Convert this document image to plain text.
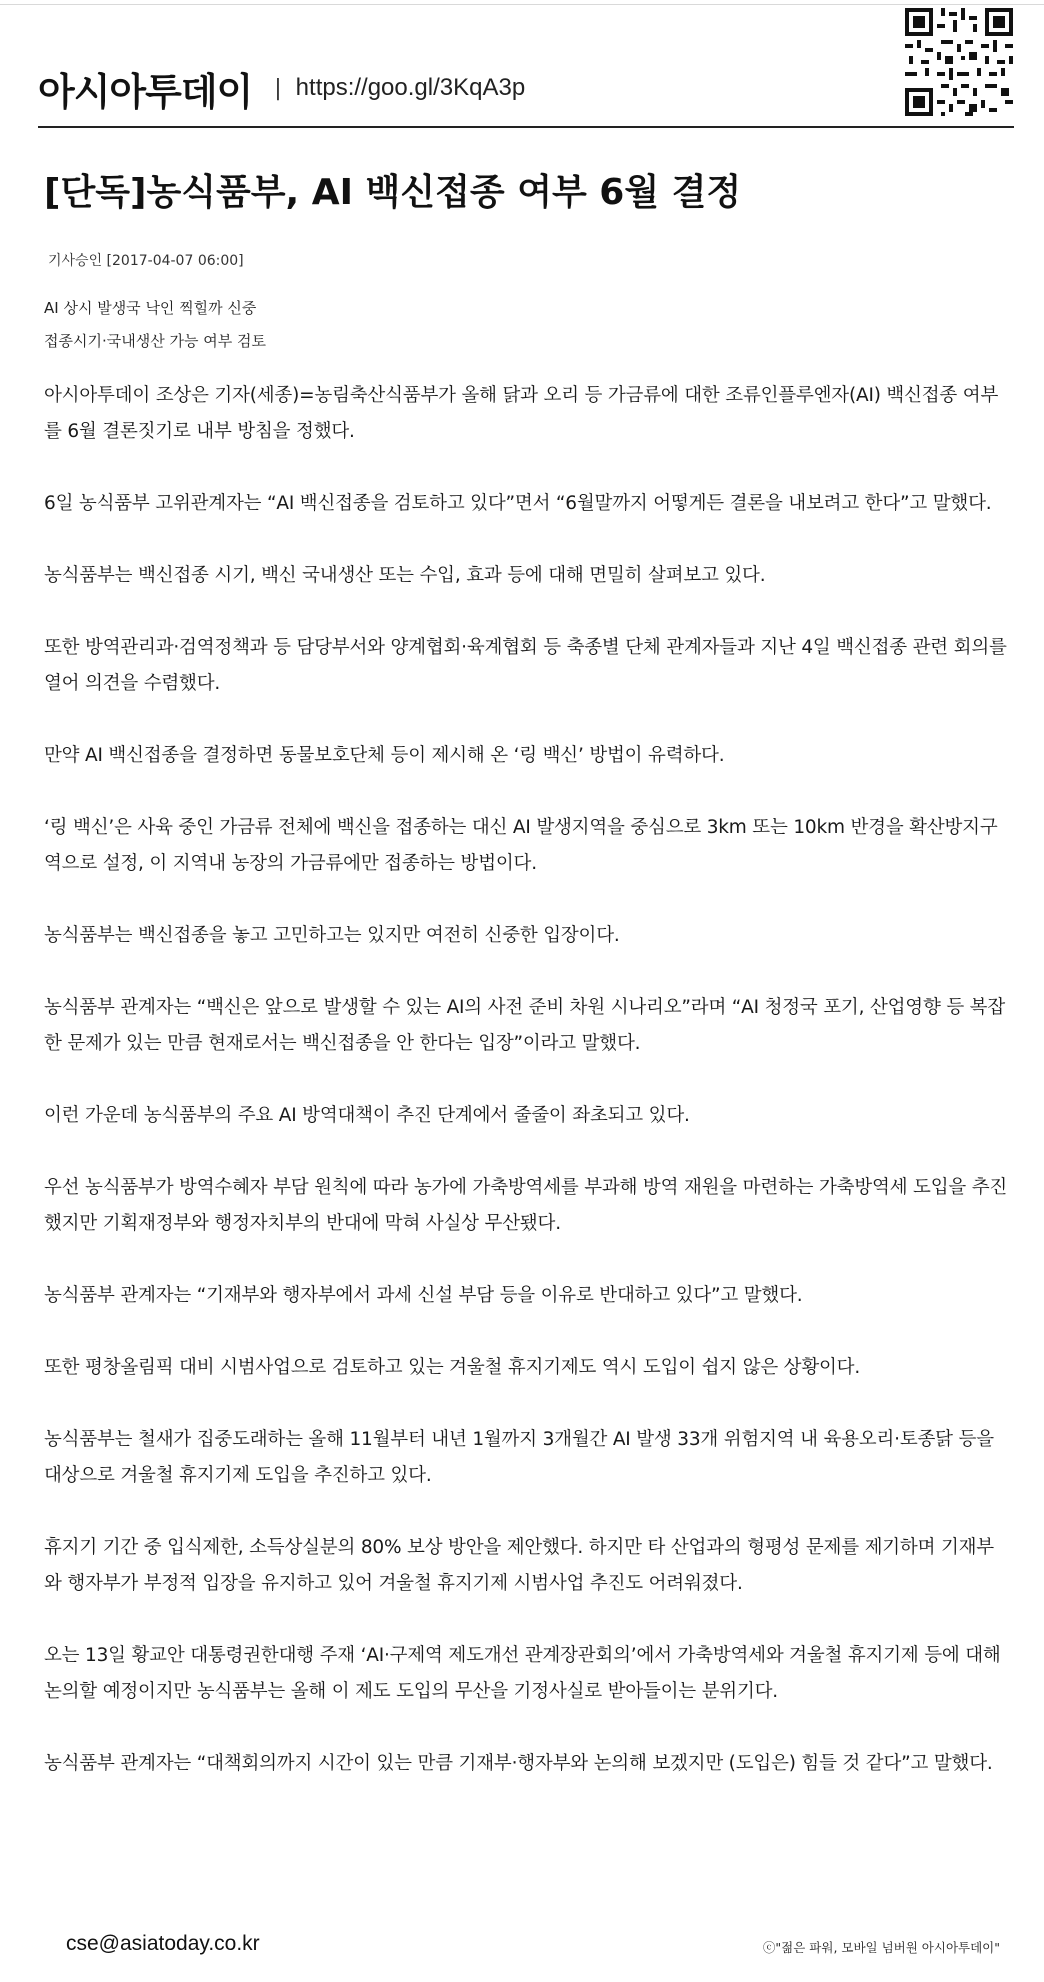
아시아투데이 | https://goo.gl/3KqA3p
[단독]농식품부, AI 백신접종 여부 6월 결정
기사승인 [2017-04-07 06:00]
AI 상시 발생국 낙인 찍힐까 신중
접종시기·국내생산 가능 여부 검토

아시아투데이 조상은 기자(세종)=농림축산식품부가 올해 닭과 오리 등 가금류에 대한 조류인플루엔자(AI) 백신접종 여부를 6월 결론짓기로 내부 방침을 정했다.

6일 농식품부 고위관계자는 “AI 백신접종을 검토하고 있다”면서 “6월말까지 어떻게든 결론을 내보려고 한다”고 말했다.

농식품부는 백신접종 시기, 백신 국내생산 또는 수입, 효과 등에 대해 면밀히 살펴보고 있다.

또한 방역관리과·검역정책과 등 담당부서와 양계협회·육계협회 등 축종별 단체 관계자들과 지난 4일 백신접종 관련 회의를 열어 의견을 수렴했다.

만약 AI 백신접종을 결정하면 동물보호단체 등이 제시해 온 ‘링 백신’ 방법이 유력하다.

‘링 백신’은 사육 중인 가금류 전체에 백신을 접종하는 대신 AI 발생지역을 중심으로 3km 또는 10km 반경을 확산방지구역으로 설정, 이 지역내 농장의 가금류에만 접종하는 방법이다.

농식품부는 백신접종을 놓고 고민하고는 있지만 여전히 신중한 입장이다.

농식품부 관계자는 “백신은 앞으로 발생할 수 있는 AI의 사전 준비 차원 시나리오”라며 “AI 청정국 포기, 산업영향 등 복잡한 문제가 있는 만큼 현재로서는 백신접종을 안 한다는 입장”이라고 말했다.

이런 가운데 농식품부의 주요 AI 방역대책이 추진 단계에서 줄줄이 좌초되고 있다.

우선 농식품부가 방역수혜자 부담 원칙에 따라 농가에 가축방역세를 부과해 방역 재원을 마련하는 가축방역세 도입을 추진했지만 기획재정부와 행정자치부의 반대에 막혀 사실상 무산됐다.

농식품부 관계자는 “기재부와 행자부에서 과세 신설 부담 등을 이유로 반대하고 있다”고 말했다.

또한 평창올림픽 대비 시범사업으로 검토하고 있는 겨울철 휴지기제도 역시 도입이 쉽지 않은 상황이다.

농식품부는 철새가 집중도래하는 올해 11월부터 내년 1월까지 3개월간 AI 발생 33개 위험지역 내 육용오리·토종닭 등을 대상으로 겨울철 휴지기제 도입을 추진하고 있다.

휴지기 기간 중 입식제한, 소득상실분의 80% 보상 방안을 제안했다. 하지만 타 산업과의 형평성 문제를 제기하며 기재부와 행자부가 부정적 입장을 유지하고 있어 겨울철 휴지기제 시범사업 추진도 어려워졌다.

오는 13일 황교안 대통령권한대행 주재 ‘AI·구제역 제도개선 관계장관회의’에서 가축방역세와 겨울철 휴지기제 등에 대해 논의할 예정이지만 농식품부는 올해 이 제도 도입의 무산을 기정사실로 받아들이는 분위기다.

농식품부 관계자는 “대책회의까지 시간이 있는 만큼 기재부·행자부와 논의해 보겠지만 (도입은) 힘들 것 같다”고 말했다.

cse@asiatoday.co.kr	ⓒ"젊은 파워, 모바일 넘버원 아시아투데이"
